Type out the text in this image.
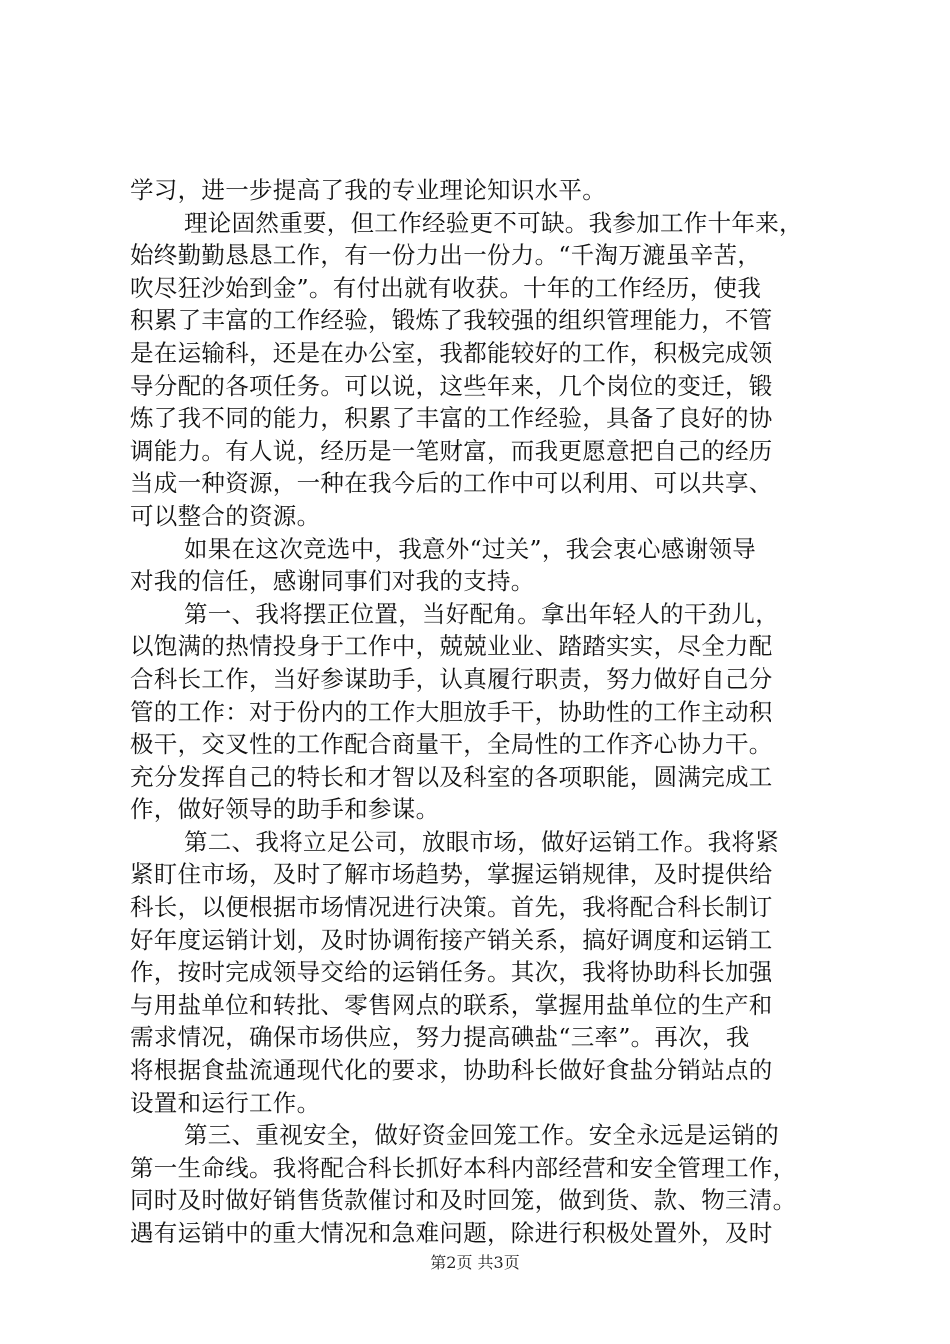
学习，进一步提高了我的专业理论知识水平。
理论固然重要，但工作经验更不可缺。我参加工作十年来，
始终勤勤恳恳工作，有一份力出一份力。“千淘万漉虽辛苦，
吹尽狂沙始到金”。有付出就有收获。十年的工作经历，使我
积累了丰富的工作经验，锻炼了我较强的组织管理能力，不管
是在运输科，还是在办公室，我都能较好的工作，积极完成领
导分配的各项任务。可以说，这些年来，几个岗位的变迁，锻
炼了我不同的能力，积累了丰富的工作经验，具备了良好的协
调能力。有人说，经历是一笔财富，而我更愿意把自己的经历
当成一种资源，一种在我今后的工作中可以利用、可以共享、
可以整合的资源。
如果在这次竞选中，我意外“过关”，我会衷心感谢领导
对我的信任，感谢同事们对我的支持。
第一、我将摆正位置，当好配角。拿出年轻人的干劲儿，
以饱满的热情投身于工作中，兢兢业业、踏踏实实，尽全力配
合科长工作，当好参谋助手，认真履行职责，努力做好自己分
管的工作：对于份内的工作大胆放手干，协助性的工作主动积
极干，交叉性的工作配合商量干，全局性的工作齐心协力干。
充分发挥自己的特长和才智以及科室的各项职能，圆满完成工
作，做好领导的助手和参谋。
第二、我将立足公司，放眼市场，做好运销工作。我将紧
紧盯住市场，及时了解市场趋势，掌握运销规律，及时提供给
科长，以便根据市场情况进行决策。首先，我将配合科长制订
好年度运销计划，及时协调衔接产销关系，搞好调度和运销工
作，按时完成领导交给的运销任务。其次，我将协助科长加强
与用盐单位和转批、零售网点的联系，掌握用盐单位的生产和
需求情况，确保市场供应，努力提高碘盐“三率”。再次，我
将根据食盐流通现代化的要求，协助科长做好食盐分销站点的
设置和运行工作。
第三、重视安全，做好资金回笼工作。安全永远是运销的
第一生命线。我将配合科长抓好本科内部经营和安全管理工作，
同时及时做好销售货款催讨和及时回笼，做到货、款、物三清。
遇有运销中的重大情况和急难问题，除进行积极处置外，及时
第2页 共3页
